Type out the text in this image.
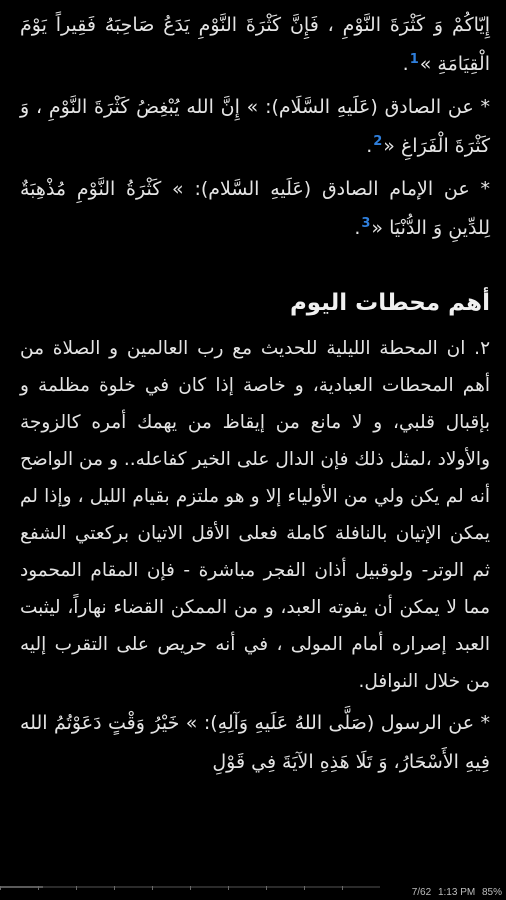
إِيّاكُمْ وَ كَثْرَةَ النَّوْمِ ، فَإِنَّ كَثْرَةَ النَّوْمِ يَدَعُ صَاحِبَهُ فَقِيراً يَوْمَ الْقِيَامَةِ »$^1$.

* عن الصادق (عَلَيهِ السَّلَام): » إِنَّ الله يُبْغِضُ كَثْرَةَ النَّوْمِ ، وَ كَثْرَةَ الْفَرَاغِ «$^2$.

* عن الإمام الصادق (عَلَيهِ السَّلام): » كَثْرَةُ النَّوْمِ مُذْهِبَةٌ لِلدِّينِ وَ الدُّنْيَا «$^3$.

أهم محطات اليوم

٢. ان المحطة الليلية للحديث مع رب العالمين و الصلاة من أهم المحطات العبادية، و خاصة إذا كان في خلوة مظلمة و بإقبال قلبي، و لا مانع من إيقاظ من يهمك أمره كالزوجة والأولاد ،لمثل ذلك فإن الدال على الخير كفاعله.. و من الواضح أنه لم يكن ولي من الأولياء إلا و هو ملتزم بقيام الليل ، وإذا لم يمكن الإتيان بالنافلة كاملة فعلى الأقل الاتيان بركعتي الشفع ثم الوتر- ولوقبيل أذان الفجر مباشرة - فإن المقام المحمود مما لا يمكن أن يفوته العبد، و من الممكن القضاء نهاراً، ليثبت العبد إصراره أمام المولى ، في أنه حريص على التقرب إليه من خلال النوافل.

* عن الرسول (صَلَّى اللهُ عَلَيهِ وَآلِهِ): » خَيْرُ وَقْتٍ دَعَوْتُمُ الله فِيهِ الأَسْحَارُ، وَ تَلَا هَذِهِ الآيَةَ فِي قَوْلِ

7/62 1:13 PM 85%
